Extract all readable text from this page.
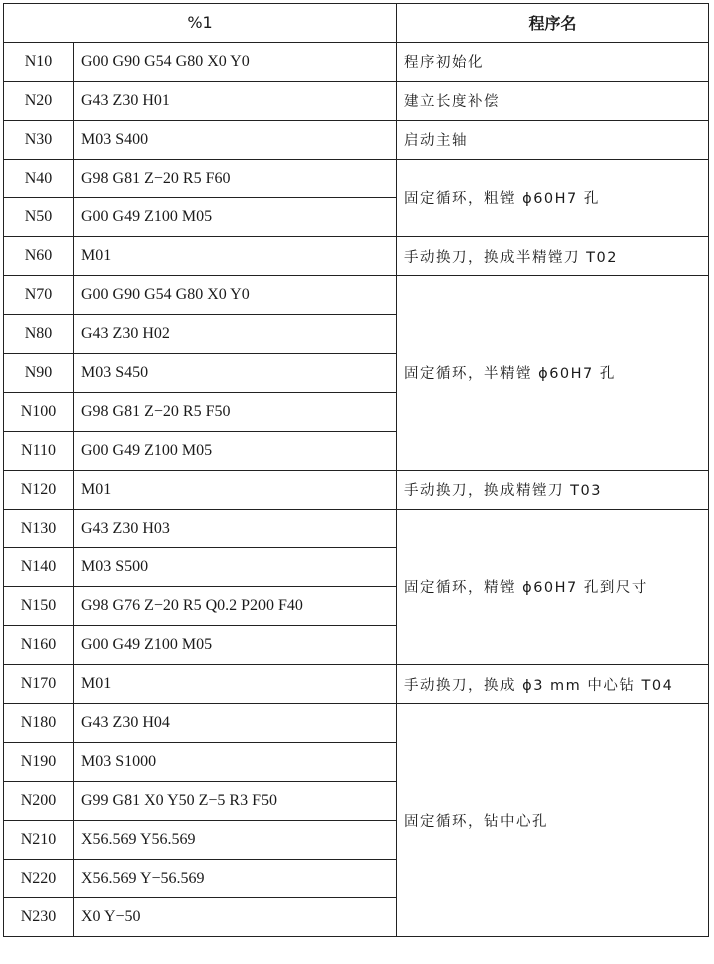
%1		程序名
N10	G00 G90 G54 G80 X0 Y0	程序初始化
N20	G43 Z30 H01	建立长度补偿
N30	M03 S400	启动主轴
N40	G98 G81 Z−20 R5 F60	固定循环，粗镗 ϕ60H7 孔
N50	G00 G49 Z100 M05	
N60	M01	手动换刀，换成半精镗刀 T02
N70	G00 G90 G54 G80 X0 Y0	固定循环，半精镗 ϕ60H7 孔
N80	G43 Z30 H02	
N90	M03 S450	
N100	G98 G81 Z−20 R5 F50	
N110	G00 G49 Z100 M05	
N120	M01	手动换刀，换成精镗刀 T03
N130	G43 Z30 H03	固定循环，精镗 ϕ60H7 孔到尺寸
N140	M03 S500	
N150	G98 G76 Z−20 R5 Q0.2 P200 F40	
N160	G00 G49 Z100 M05	
N170	M01	手动换刀，换成 ϕ3 mm 中心钻 T04
N180	G43 Z30 H04	固定循环，钻中心孔
N190	M03 S1000	
N200	G99 G81 X0 Y50 Z−5 R3 F50	
N210	X56.569 Y56.569	
N220	X56.569 Y−56.569	
N230	X0 Y−50	
